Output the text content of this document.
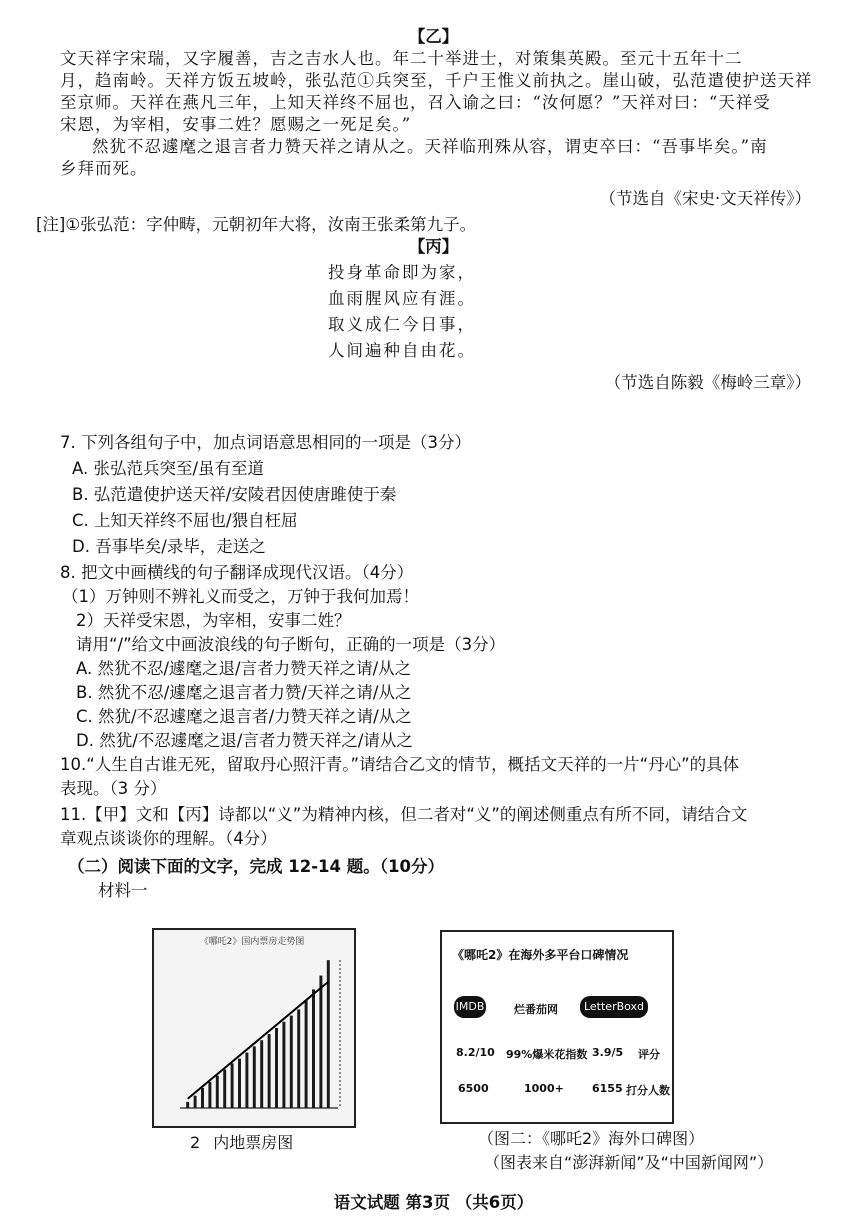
【乙】
文天祥字宋瑞，又字履善，吉之吉水人也。年二十举进士，对策集英殿。至元十五年十二
月，趋南岭。天祥方饭五坡岭，张弘范①兵突至，千户王惟义前执之。崖山破，弘范遣使护送天祥
至京师。天祥在燕凡三年，上知天祥终不屈也，召入谕之曰：“汝何愿？”天祥对曰：“天祥受
宋恩，为宰相，安事二姓？愿赐之一死足矣。”
然犹不忍遽麾之退言者力赞天祥之请从之。天祥临刑殊从容，谓吏卒曰：“吾事毕矣。”南
乡拜而死。
（节选自《宋史·文天祥传》）
[注]①张弘范：字仲畴，元朝初年大将，汝南王张柔第九子。
【丙】
投身革命即为家，
血雨腥风应有涯。
取义成仁今日事，
人间遍种自由花。
（节选自陈毅《梅岭三章》）
7. 下列各组句子中，加点词语意思相同的一项是（3分）
A. 张弘范兵突至/虽有至道
B. 弘范遣使护送天祥/安陵君因使唐雎使于秦
C. 上知天祥终不屈也/猥自枉屈
D. 吾事毕矣/录毕，走送之
8. 把文中画横线的句子翻译成现代汉语。（4分）
（1）万钟则不辨礼义而受之，万钟于我何加焉！
2）天祥受宋恩，为宰相，安事二姓？
请用“/”给文中画波浪线的句子断句，正确的一项是（3分）
A. 然犹不忍/遽麾之退/言者力赞天祥之请/从之
B. 然犹不忍/遽麾之退言者力赞/天祥之请/从之
C. 然犹/不忍遽麾之退言者/力赞天祥之请/从之
D. 然犹/不忍遽麾之退/言者力赞天祥之/请从之
10.“人生自古谁无死，留取丹心照汗青。”请结合乙文的情节，概括文天祥的一片“丹心”的具体
表现。（3 分）
11.【甲】文和【丙】诗都以“义”为精神内核，但二者对“义”的阐述侧重点有所不同，请结合文
章观点谈谈你的理解。（4分）
（二）阅读下面的文字，完成 12-14 题。（10分）
材料一
《哪吒2》国内票房走势图
2 内地票房图
《哪吒2》在海外多平台口碑情况
IMDB	烂番茄网	LetterBoxd
8.2/10 99%爆米花指数 3.9/5 评分
6500	1000+	6155 打分人数
（图二：《哪吒2》海外口碑图）
（图表来自“澎湃新闻”及“中国新闻网”）
语文试题 第3页 （共6页）
